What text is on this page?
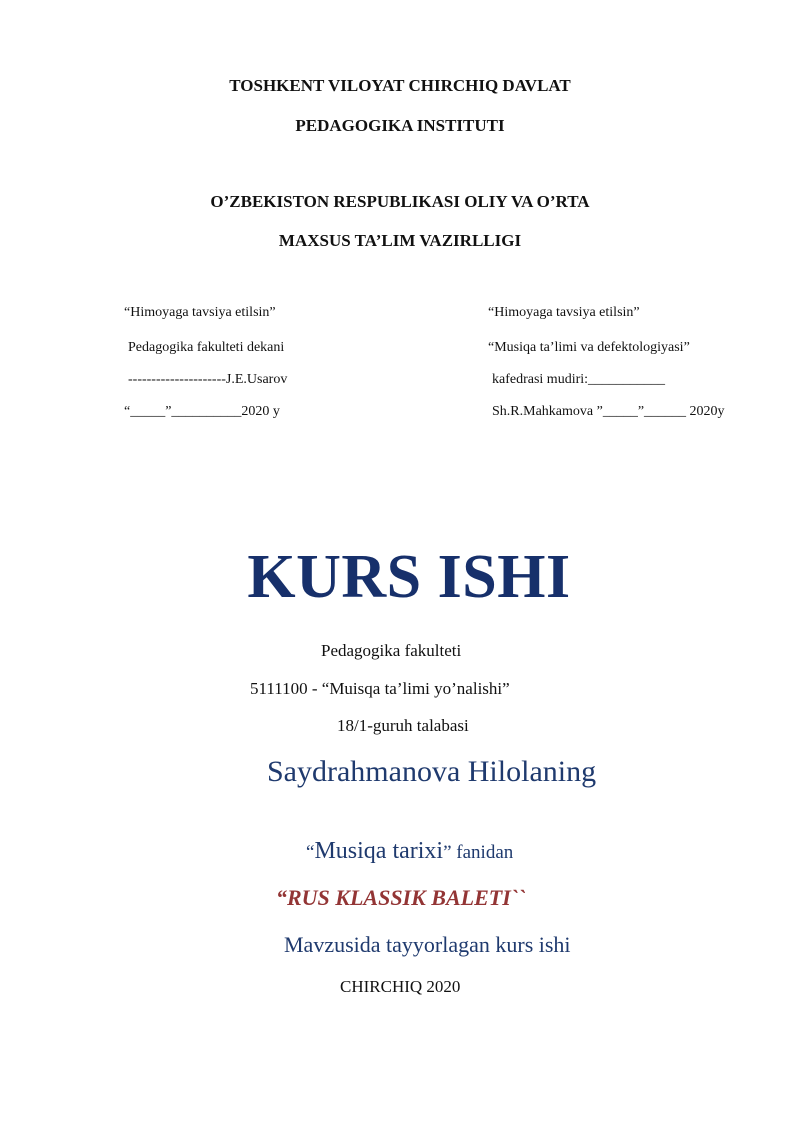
TOSHKENT VILOYAT CHIRCHIQ DAVLAT
PEDAGOGIKA INSTITUTI
O’ZBEKISTON RESPUBLIKASI OLIY VA O’RTA
MAXSUS TA’LIM VAZIRLLIGI
“Himoyaga tavsiya etilsin”
Pedagogika fakulteti dekani
---------------------J.E.Usarov
“_____”__________2020 y
“Himoyaga tavsiya etilsin”
“Musiqa ta’limi va defektologiyasi”
kafedrasi mudiri:___________
Sh.R.Mahkamova ”_____”______ 2020y
KURS ISHI
Pedagogika fakulteti
5111100 - “Muisqa ta’limi yo’nalishi”
18/1-guruh talabasi
Saydrahmanova Hilolaning
“Musiqa tarixi” fanidan
“RUS KLASSIK BALETI``
Mavzusida tayyorlagan kurs ishi
CHIRCHIQ 2020
